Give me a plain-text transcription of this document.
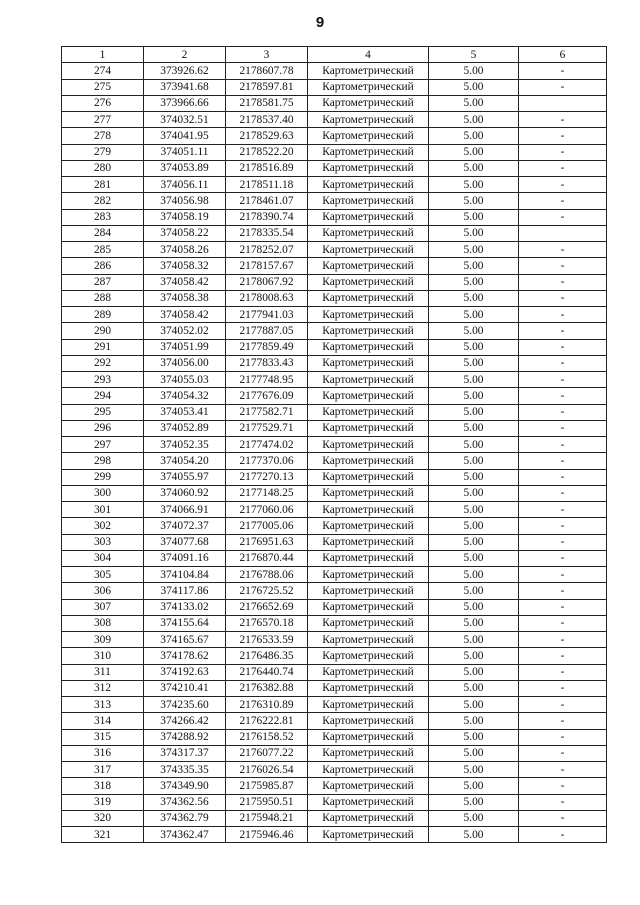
9
1	2	3	4	5	6
274	373926.62	2178607.78	Картометрический	5.00	-
275	373941.68	2178597.81	Картометрический	5.00	-
276	373966.66	2178581.75	Картометрический	5.00	
277	374032.51	2178537.40	Картометрический	5.00	-
278	374041.95	2178529.63	Картометрический	5.00	-
279	374051.11	2178522.20	Картометрический	5.00	-
280	374053.89	2178516.89	Картометрический	5.00	-
281	374056.11	2178511.18	Картометрический	5.00	-
282	374056.98	2178461.07	Картометрический	5.00	-
283	374058.19	2178390.74	Картометрический	5.00	-
284	374058.22	2178335.54	Картометрический	5.00	
285	374058.26	2178252.07	Картометрический	5.00	-
286	374058.32	2178157.67	Картометрический	5.00	-
287	374058.42	2178067.92	Картометрический	5.00	-
288	374058.38	2178008.63	Картометрический	5.00	-
289	374058.42	2177941.03	Картометрический	5.00	-
290	374052.02	2177887.05	Картометрический	5.00	-
291	374051.99	2177859.49	Картометрический	5.00	-
292	374056.00	2177833.43	Картометрический	5.00	-
293	374055.03	2177748.95	Картометрический	5.00	-
294	374054.32	2177676.09	Картометрический	5.00	-
295	374053.41	2177582.71	Картометрический	5.00	-
296	374052.89	2177529.71	Картометрический	5.00	-
297	374052.35	2177474.02	Картометрический	5.00	-
298	374054.20	2177370.06	Картометрический	5.00	-
299	374055.97	2177270.13	Картометрический	5.00	-
300	374060.92	2177148.25	Картометрический	5.00	-
301	374066.91	2177060.06	Картометрический	5.00	-
302	374072.37	2177005.06	Картометрический	5.00	-
303	374077.68	2176951.63	Картометрический	5.00	-
304	374091.16	2176870.44	Картометрический	5.00	-
305	374104.84	2176788.06	Картометрический	5.00	-
306	374117.86	2176725.52	Картометрический	5.00	-
307	374133.02	2176652.69	Картометрический	5.00	-
308	374155.64	2176570.18	Картометрический	5.00	-
309	374165.67	2176533.59	Картометрический	5.00	-
310	374178.62	2176486.35	Картометрический	5.00	-
311	374192.63	2176440.74	Картометрический	5.00	-
312	374210.41	2176382.88	Картометрический	5.00	-
313	374235.60	2176310.89	Картометрический	5.00	-
314	374266.42	2176222.81	Картометрический	5.00	-
315	374288.92	2176158.52	Картометрический	5.00	-
316	374317.37	2176077.22	Картометрический	5.00	-
317	374335.35	2176026.54	Картометрический	5.00	-
318	374349.90	2175985.87	Картометрический	5.00	-
319	374362.56	2175950.51	Картометрический	5.00	-
320	374362.79	2175948.21	Картометрический	5.00	-
321	374362.47	2175946.46	Картометрический	5.00	-
